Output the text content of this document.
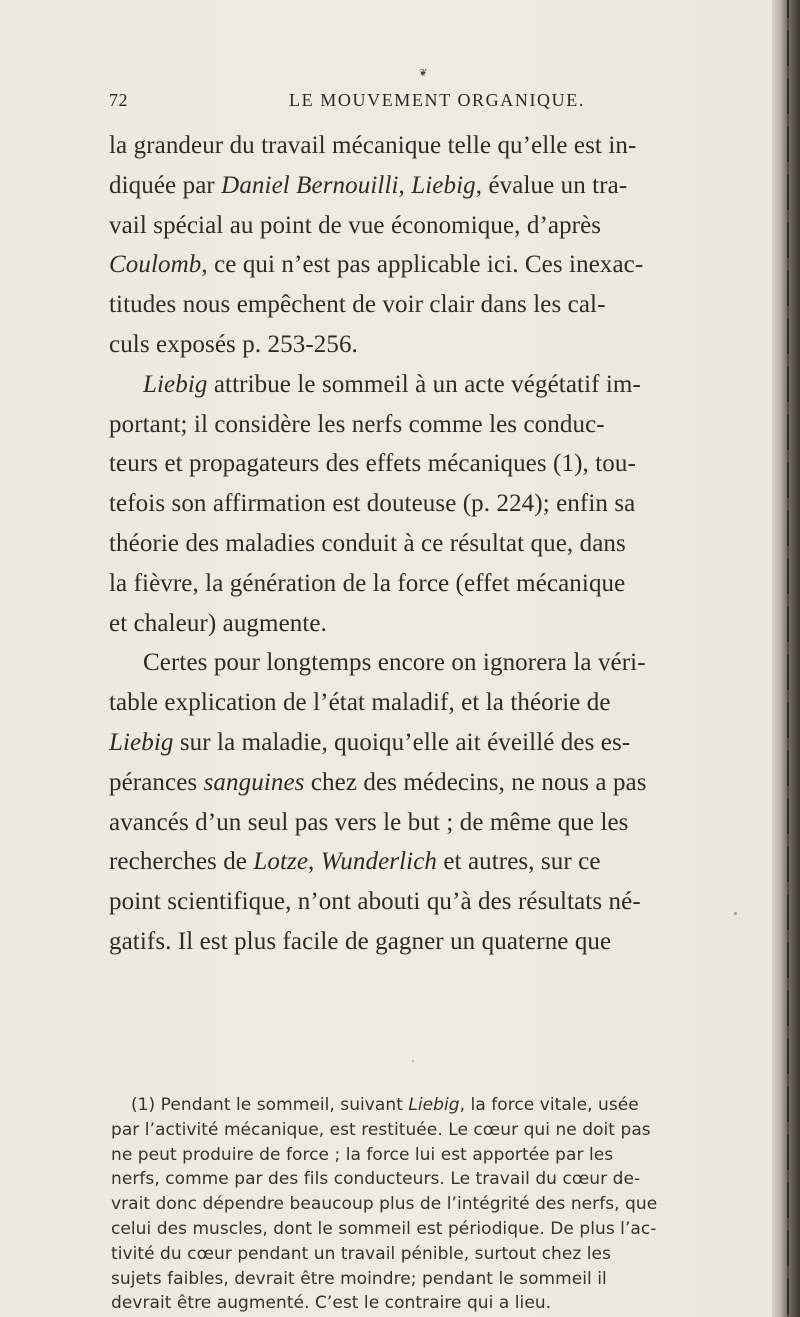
72
❦
LE MOUVEMENT ORGANIQUE.
la grandeur du travail mécanique telle qu’elle est in-
diquée par Daniel Bernouilli, Liebig, évalue un tra-
vail spécial au point de vue économique, d’après
Coulomb, ce qui n’est pas applicable ici. Ces inexac-
titudes nous empêchent de voir clair dans les cal-
culs exposés p. 253-256.
Liebig attribue le sommeil à un acte végétatif im-
portant; il considère les nerfs comme les conduc-
teurs et propagateurs des effets mécaniques (1), tou-
tefois son affirmation est douteuse (p. 224); enfin sa
théorie des maladies conduit à ce résultat que, dans
la fièvre, la génération de la force (effet mécanique
et chaleur) augmente.
Certes pour longtemps encore on ignorera la véri-
table explication de l’état maladif, et la théorie de
Liebig sur la maladie, quoiqu’elle ait éveillé des es-
pérances sanguines chez des médecins, ne nous a pas
avancés d’un seul pas vers le but ; de même que les
recherches de Lotze, Wunderlich et autres, sur ce
point scientifique, n’ont abouti qu’à des résultats né-
gatifs. Il est plus facile de gagner un quaterne que
(1) Pendant le sommeil, suivant Liebig, la force vitale, usée
par l’activité mécanique, est restituée. Le cœur qui ne doit pas
ne peut produire de force ; la force lui est apportée par les
nerfs, comme par des fils conducteurs. Le travail du cœur de-
vrait donc dépendre beaucoup plus de l’intégrité des nerfs, que
celui des muscles, dont le sommeil est périodique. De plus l’ac-
tivité du cœur pendant un travail pénible, surtout chez les
sujets faibles, devrait être moindre; pendant le sommeil il
devrait être augmenté. C’est le contraire qui a lieu.
